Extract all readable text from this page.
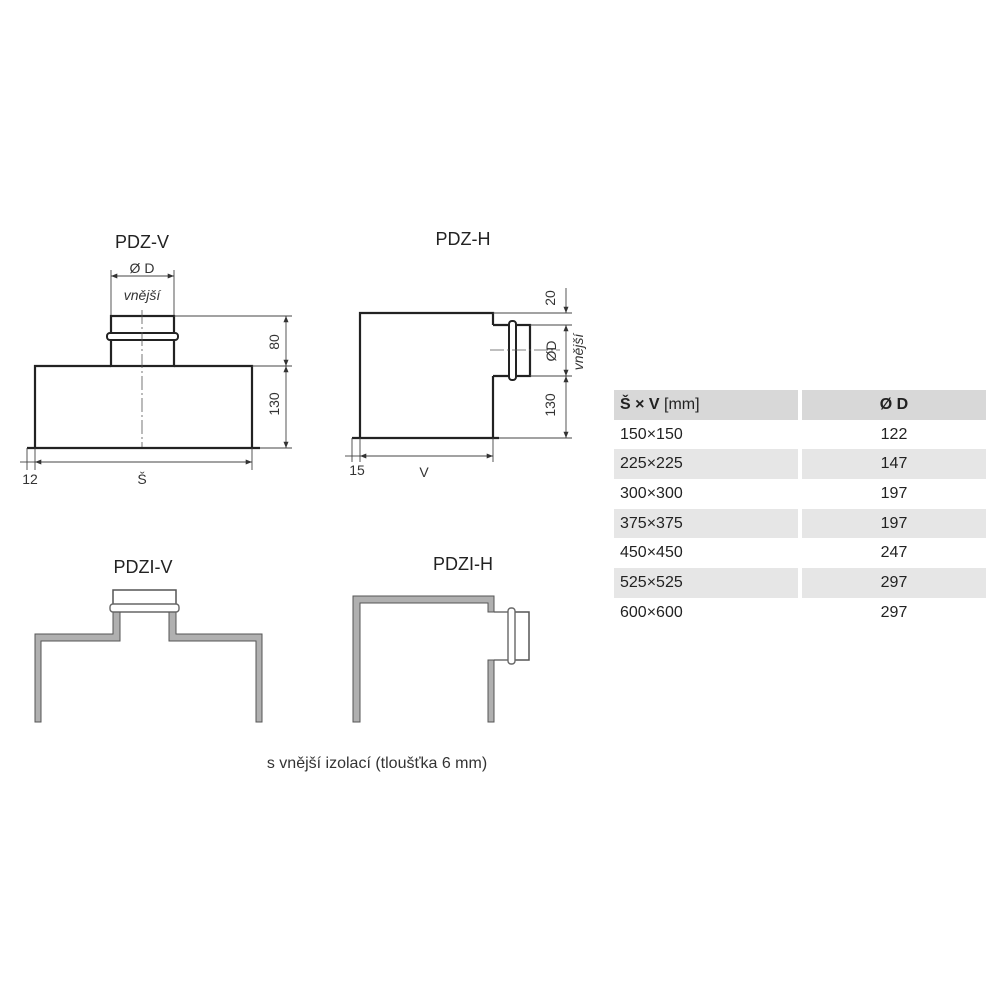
PDZ-V
Ø D
vnější
80
130
12	Š
PDZ-H
20
ØD vnější
130
15	V
PDZI-V	PDZI-H
s vnější izolací (tloušťka 6 mm)
Š × V [mm]	Ø D
150×150	122
225×225	147
300×300	197
375×375	197
450×450	247
525×525	297
600×600	297
